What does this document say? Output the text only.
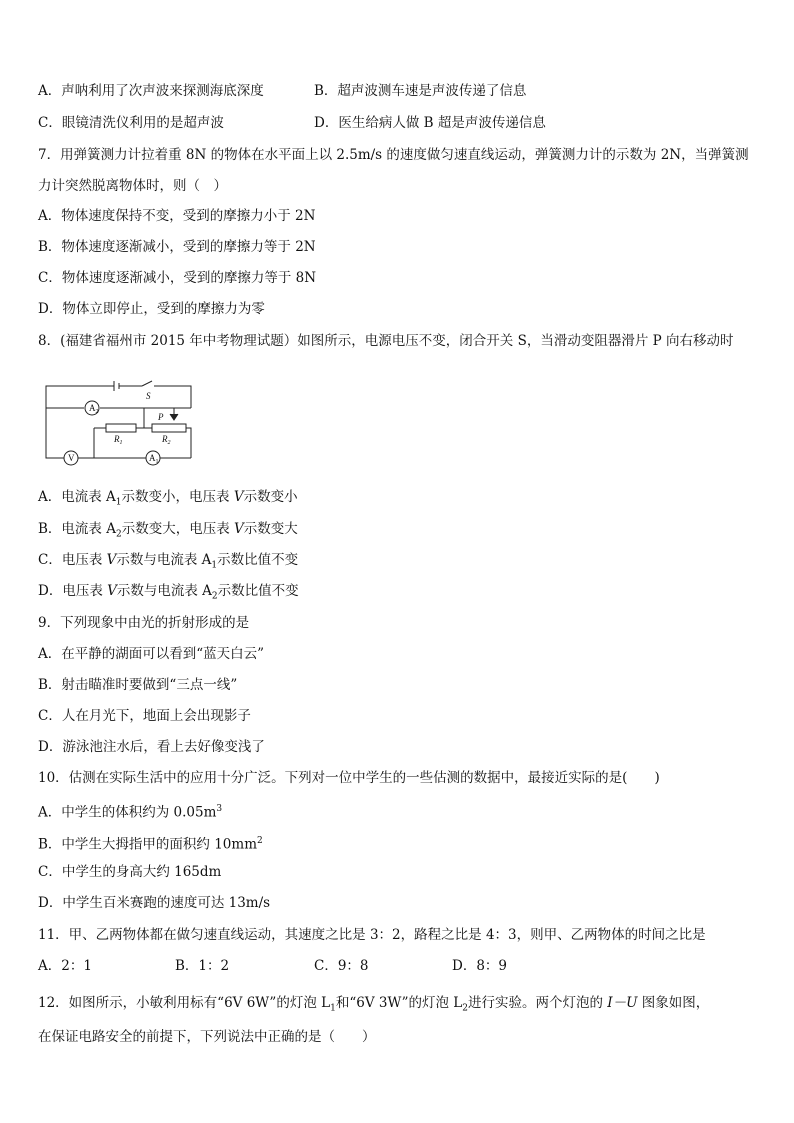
A．声呐利用了次声波来探测海底深度	B．超声波测车速是声波传递了信息
C．眼镜清洗仪利用的是超声波	D．医生给病人做 B 超是声波传递信息
7．用弹簧测力计拉着重 8N 的物体在水平面上以 2.5m/s 的速度做匀速直线运动，弹簧测力计的示数为 2N，当弹簧测
力计突然脱离物体时，则（　）
A．物体速度保持不变，受到的摩擦力小于 2N
B．物体速度逐渐减小，受到的摩擦力等于 2N
C．物体速度逐渐减小，受到的摩擦力等于 8N
D．物体立即停止，受到的摩擦力为零
8．(福建省福州市 2015 年中考物理试题）如图所示，电源电压不变，闭合开关 S，当滑动变阻器滑片 P 向右移动时
S
$A_2$	P
$R_1$	$R_2$
V	$A_1$
A．电流表 $A_1$示数变小，电压表 V示数变小
B．电流表 $A_2$示数变大，电压表 V示数变大
C．电压表 V示数与电流表 $A_1$示数比值不变
D．电压表 V示数与电流表 $A_2$示数比值不变
9．下列现象中由光的折射形成的是
A．在平静的湖面可以看到“蓝天白云”
B．射击瞄准时要做到“三点一线”
C．人在月光下，地面上会出现影子
D．游泳池注水后，看上去好像变浅了
10．估测在实际生活中的应用十分广泛。下列对一位中学生的一些估测的数据中，最接近实际的是(　　)
A．中学生的体积约为 $0.05m^3$
B．中学生大拇指甲的面积约 $10mm^2$
C．中学生的身高大约 165dm
D．中学生百米赛跑的速度可达 13m/s
11．甲、乙两物体都在做匀速直线运动，其速度之比是 3：2，路程之比是 4：3，则甲、乙两物体的时间之比是
A．2：1	B．1：2	C．9：8	D．8：9
12．如图所示，小敏利用标有“6V 6W”的灯泡 $L_1$和“6V 3W”的灯泡 $L_2$进行实验。两个灯泡的 I－U 图象如图，
在保证电路安全的前提下，下列说法中正确的是（　　）
